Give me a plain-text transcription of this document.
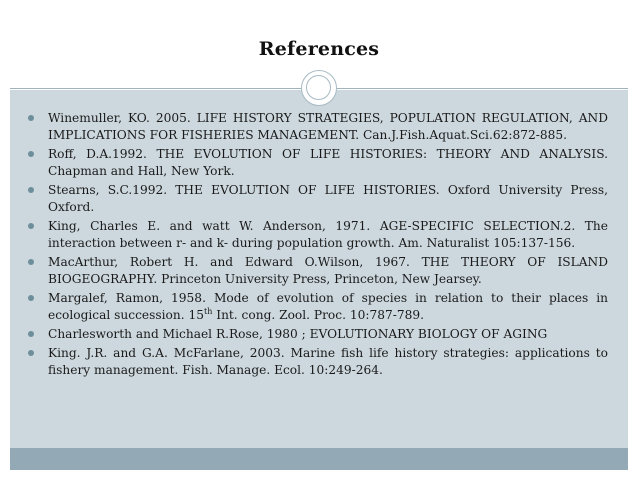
References
Winemuller, KO. 2005. LIFE HISTORY STRATEGIES, POPULATION REGULATION, AND IMPLICATIONS FOR FISHERIES MANAGEMENT. Can.J.Fish.Aquat.Sci.62:872-885.
Roff, D.A.1992. THE EVOLUTION OF LIFE HISTORIES: THEORY AND ANALYSIS. Chapman and Hall, New York.
Stearns, S.C.1992. THE EVOLUTION OF LIFE HISTORIES. Oxford University Press, Oxford.
King, Charles E. and watt W. Anderson, 1971. AGE-SPECIFIC SELECTION.2. The interaction between r- and k- during population growth. Am. Naturalist 105:137-156.
MacArthur, Robert H. and Edward O.Wilson, 1967. THE THEORY OF ISLAND BIOGEOGRAPHY. Princeton University Press, Princeton, New Jearsey.
Margalef, Ramon, 1958. Mode of evolution of species in relation to their places in ecological succession. 15th Int. cong. Zool. Proc. 10:787-789.
Charlesworth and Michael R.Rose, 1980 ; EVOLUTIONARY BIOLOGY OF AGING
King. J.R. and G.A. McFarlane, 2003. Marine fish life history strategies: applications to fishery management. Fish. Manage. Ecol. 10:249-264.
